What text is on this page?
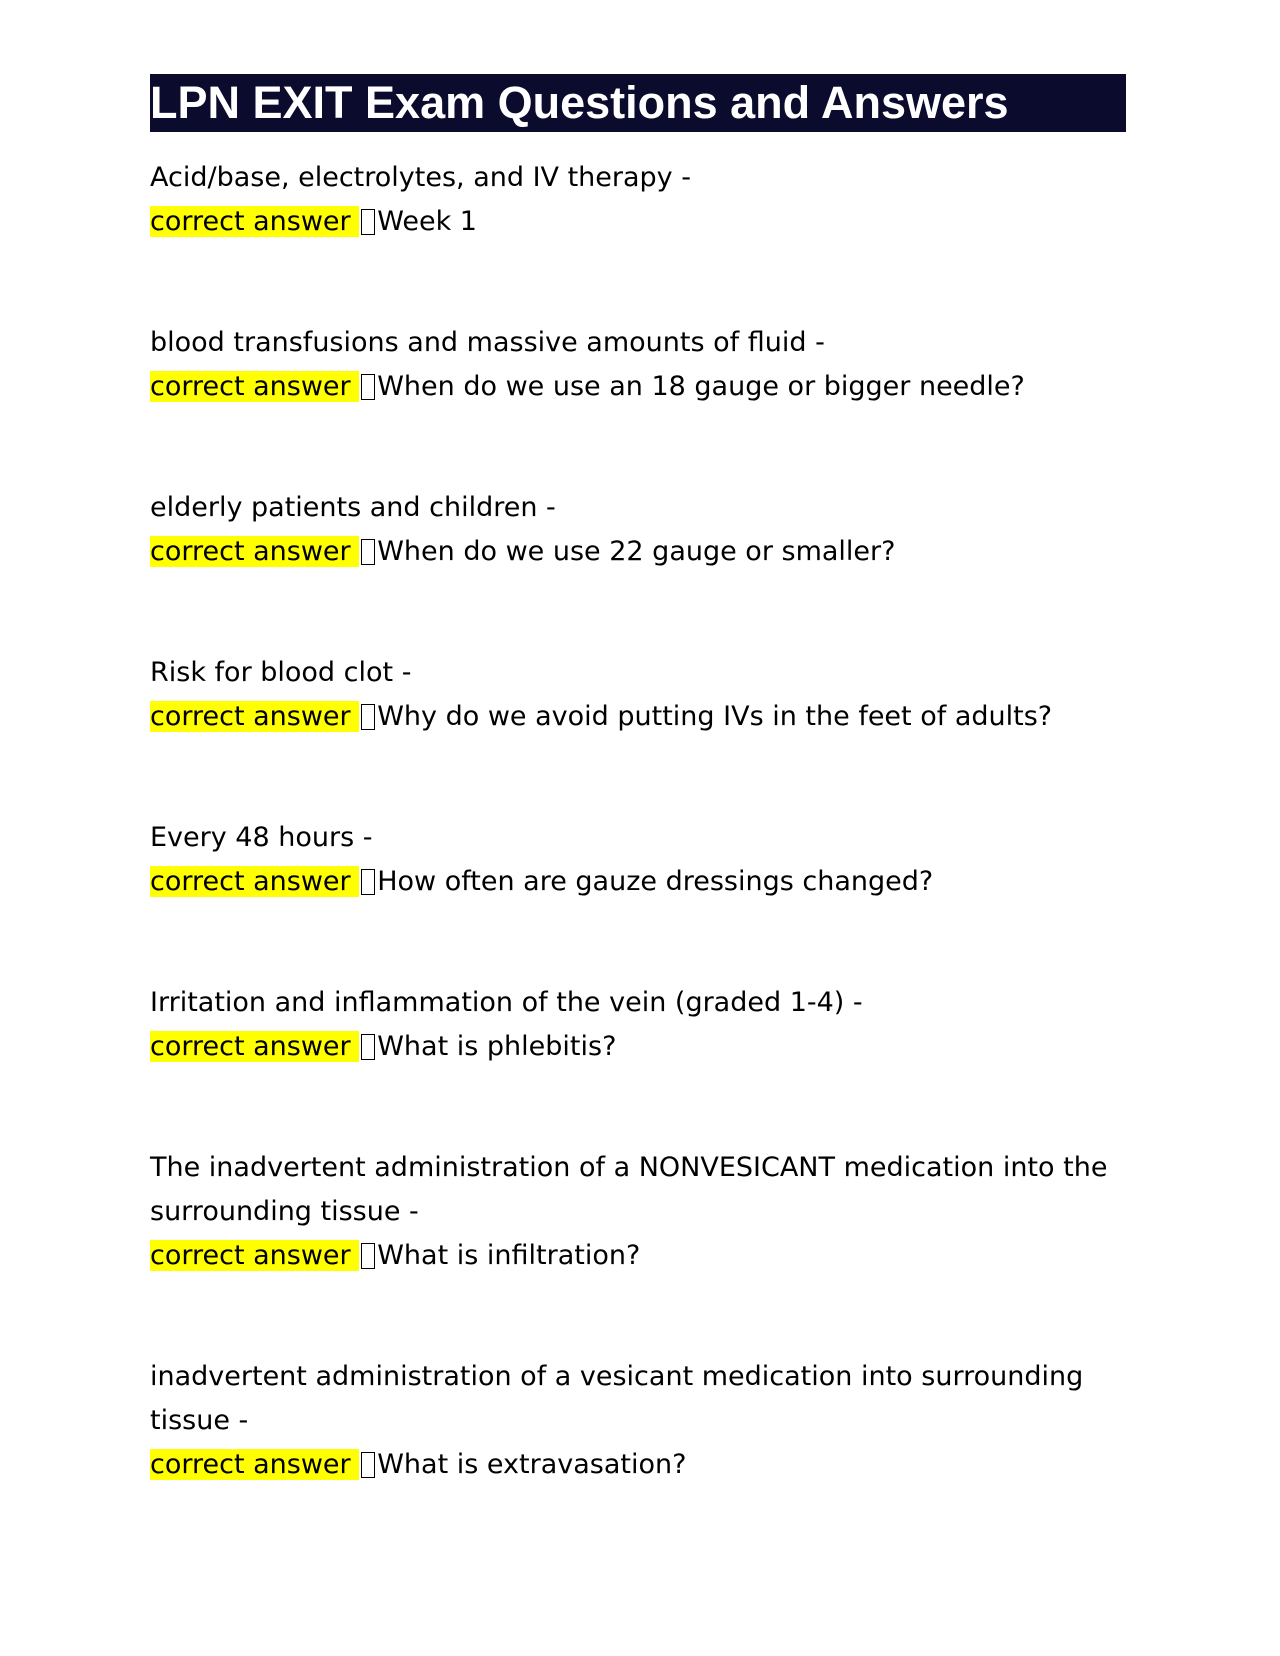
LPN EXIT Exam Questions and Answers
Acid/base, electrolytes, and IV therapy -
correct answer Week 1
blood transfusions and massive amounts of fluid -
correct answer When do we use an 18 gauge or bigger needle?
elderly patients and children -
correct answer When do we use 22 gauge or smaller?
Risk for blood clot -
correct answer Why do we avoid putting IVs in the feet of adults?
Every 48 hours -
correct answer How often are gauze dressings changed?
Irritation and inflammation of the vein (graded 1-4) -
correct answer What is phlebitis?
The inadvertent administration of a NONVESICANT medication into the surrounding tissue -
correct answer What is infiltration?
inadvertent administration of a vesicant medication into surrounding tissue -
correct answer What is extravasation?
